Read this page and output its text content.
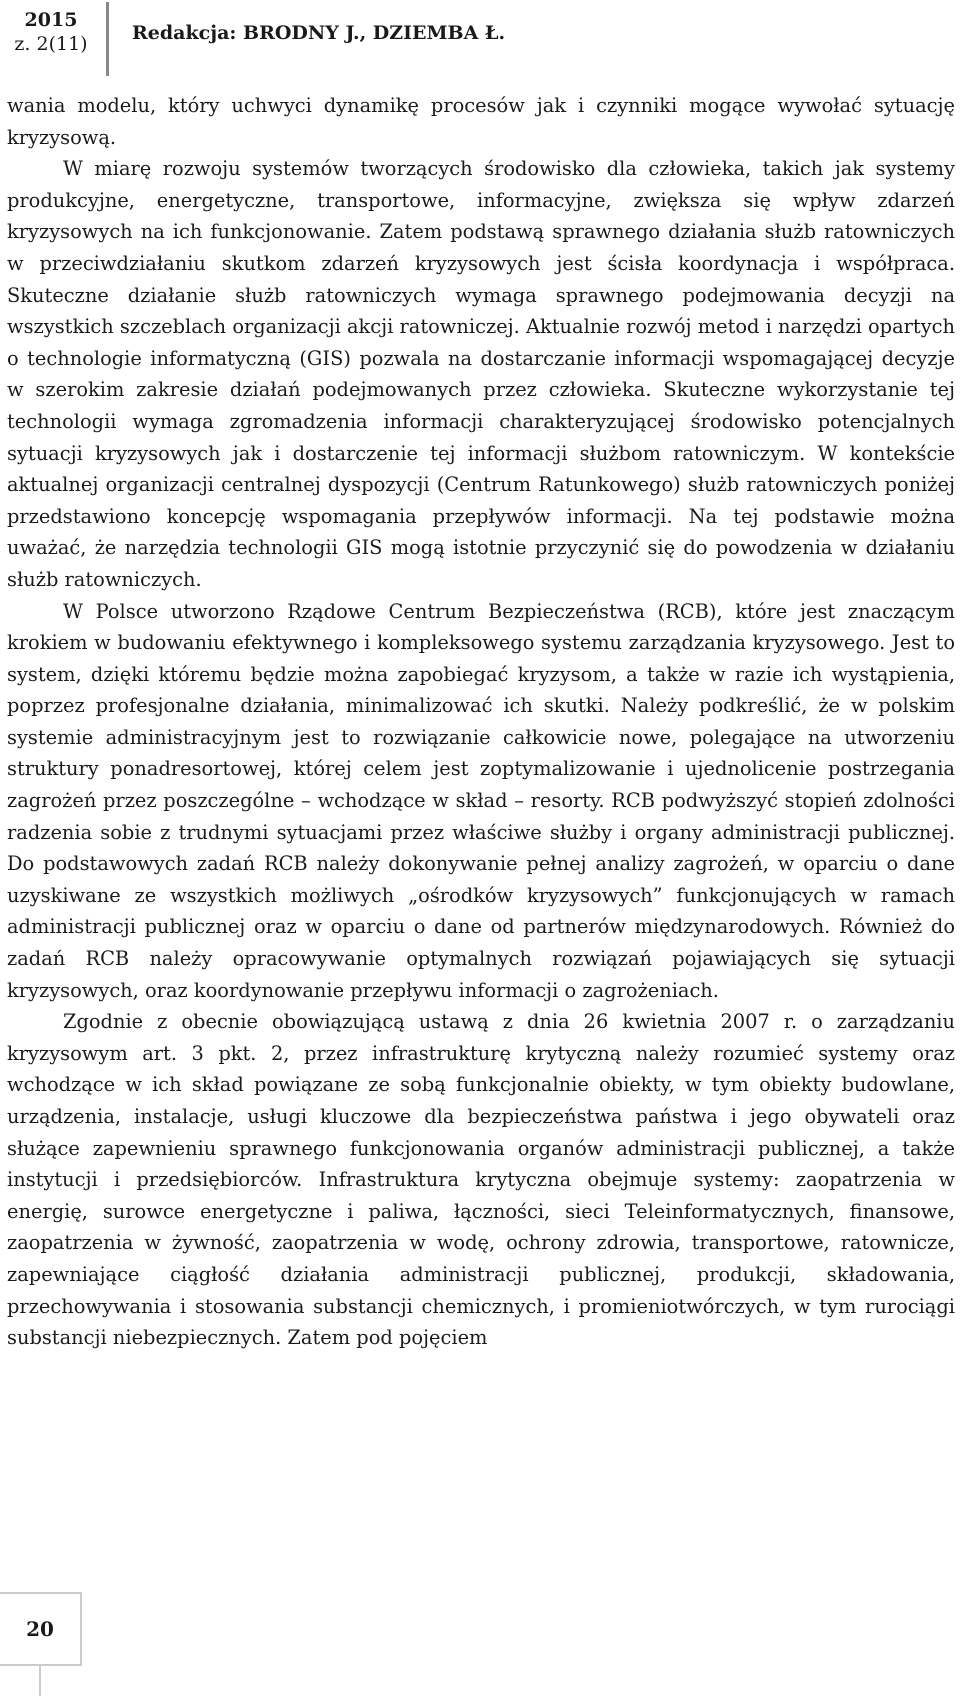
2015
z. 2(11)	Redakcja: BRODNY J., DZIEMBA Ł.

wania modelu, który uchwyci dynamikę procesów jak i czynniki mogące wywołać sytuację kryzysową.

W miarę rozwoju systemów tworzących środowisko dla człowieka, takich jak systemy produkcyjne, energetyczne, transportowe, informacyjne, zwiększa się wpływ zdarzeń kryzysowych na ich funkcjonowanie. Zatem podstawą sprawnego działania służb ratowniczych w przeciwdziałaniu skutkom zdarzeń kryzysowych jest ścisła koordynacja i współpraca. Skuteczne działanie służb ratowniczych wymaga sprawnego podejmowania decyzji na wszystkich szczeblach organizacji akcji ratowniczej. Aktualnie rozwój metod i narzędzi opartych o technologie informatyczną (GIS) pozwala na dostarczanie informacji wspomagającej decyzje w szerokim zakresie działań podejmowanych przez człowieka. Skuteczne wykorzystanie tej technologii wymaga zgromadzenia informacji charakteryzującej środowisko potencjalnych sytuacji kryzysowych jak i dostarczenie tej informacji służbom ratowniczym. W kontekście aktualnej organizacji centralnej dyspozycji (Centrum Ratunkowego) służb ratowniczych poniżej przedstawiono koncepcję wspomagania przepływów informacji. Na tej podstawie można uważać, że narzędzia technologii GIS mogą istotnie przyczynić się do powodzenia w działaniu służb ratowniczych.

W Polsce utworzono Rządowe Centrum Bezpieczeństwa (RCB), które jest znaczącym krokiem w budowaniu efektywnego i kompleksowego systemu zarządzania kryzysowego. Jest to system, dzięki któremu będzie można zapobiegać kryzysom, a także w razie ich wystąpienia, poprzez profesjonalne działania, minimalizować ich skutki. Należy podkreślić, że w polskim systemie administracyjnym jest to rozwiązanie całkowicie nowe, polegające na utworzeniu struktury ponadresortowej, której celem jest zoptymalizowanie i ujednolicenie postrzegania zagrożeń przez poszczególne – wchodzące w skład – resorty. RCB podwyższyć stopień zdolności radzenia sobie z trudnymi sytuacjami przez właściwe służby i organy administracji publicznej. Do podstawowych zadań RCB należy dokonywanie pełnej analizy zagrożeń, w oparciu o dane uzyskiwane ze wszystkich możliwych „ośrodków kryzysowych” funkcjonujących w ramach administracji publicznej oraz w oparciu o dane od partnerów międzynarodowych. Również do zadań RCB należy opracowywanie optymalnych rozwiązań pojawiających się sytuacji kryzysowych, oraz koordynowanie przepływu informacji o zagrożeniach.

Zgodnie z obecnie obowiązującą ustawą z dnia 26 kwietnia 2007 r. o zarządzaniu kryzysowym art. 3 pkt. 2, przez infrastrukturę krytyczną należy rozumieć systemy oraz wchodzące w ich skład powiązane ze sobą funkcjonalnie obiekty, w tym obiekty budowlane, urządzenia, instalacje, usługi kluczowe dla bezpieczeństwa państwa i jego obywateli oraz służące zapewnieniu sprawnego funkcjonowania organów administracji publicznej, a także instytucji i przedsiębiorców. Infrastruktura krytyczna obejmuje systemy: zaopatrzenia w energię, surowce energetyczne i paliwa, łączności, sieci Teleinformatycznych, finansowe, zaopatrzenia w żywność, zaopatrzenia w wodę, ochrony zdrowia, transportowe, ratownicze, zapewniające ciągłość działania administracji publicznej, produkcji, składowania, przechowywania i stosowania substancji chemicznych, i promieniotwórczych, w tym rurociągi substancji niebezpiecznych. Zatem pod pojęciem

20
